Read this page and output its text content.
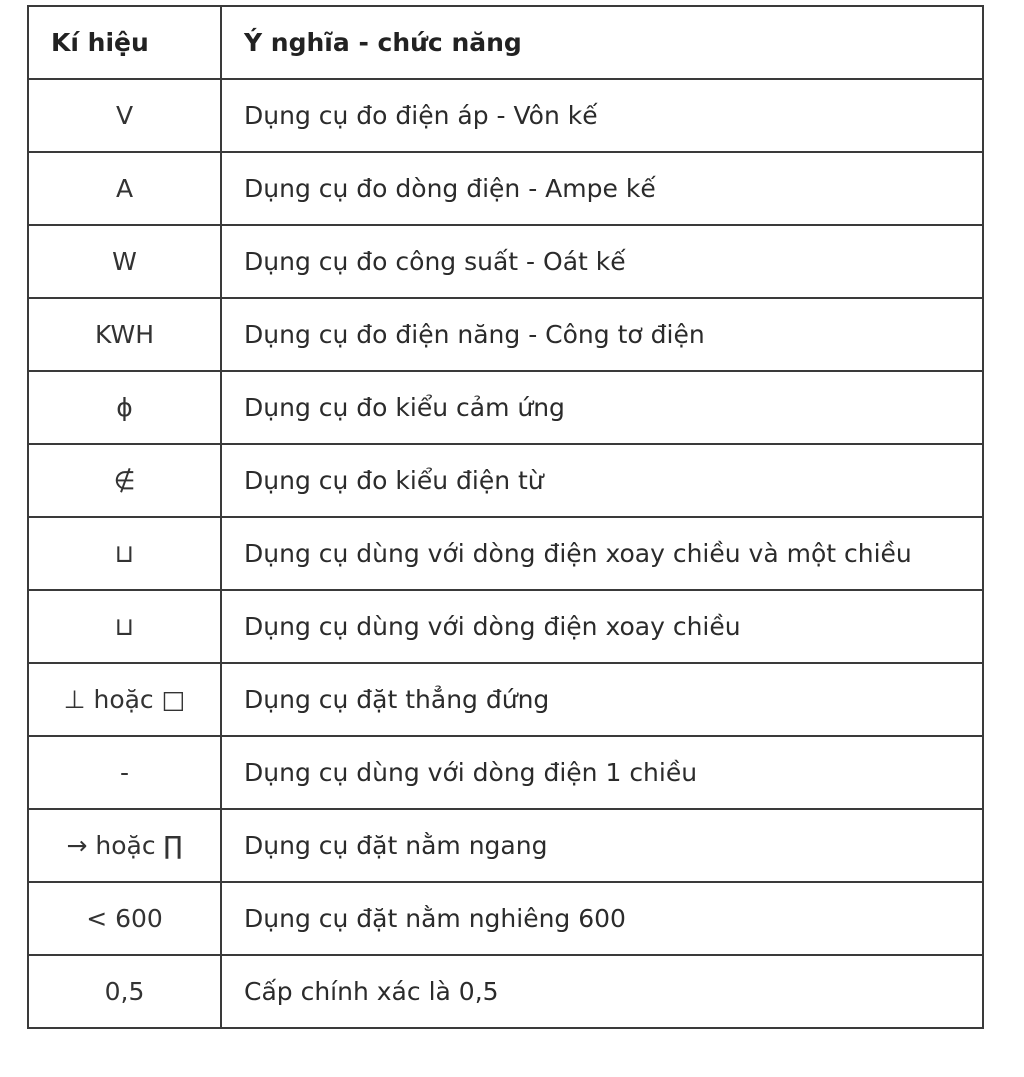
Kí hiệu	Ý nghĩa - chức năng
V	Dụng cụ đo điện áp - Vôn kế
A	Dụng cụ đo dòng điện - Ampe kế
W	Dụng cụ đo công suất - Oát kế
KWH	Dụng cụ đo điện năng - Công tơ điện
ϕ	Dụng cụ đo kiểu cảm ứng
∉	Dụng cụ đo kiểu điện từ
⊔	Dụng cụ dùng với dòng điện xoay chiều và một chiều
⊔	Dụng cụ dùng với dòng điện xoay chiều
⊥ hoặc □	Dụng cụ đặt thẳng đứng
-	Dụng cụ dùng với dòng điện 1 chiều
→ hoặc ∏	Dụng cụ đặt nằm ngang
< 600	Dụng cụ đặt nằm nghiêng 600
0,5	Cấp chính xác là 0,5
